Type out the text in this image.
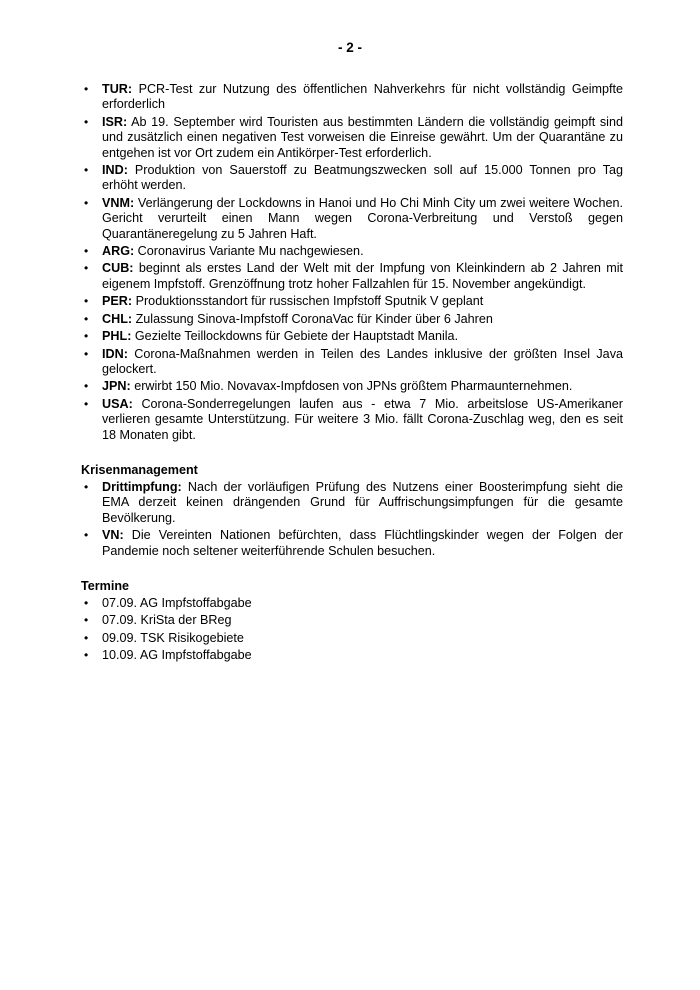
- 2 -
• TUR: PCR-Test zur Nutzung des öffentlichen Nahverkehrs für nicht vollständig Geimpfte erforderlich
• ISR: Ab 19. September wird Touristen aus bestimmten Ländern die vollständig geimpft sind und zusätzlich einen negativen Test vorweisen die Einreise gewährt. Um der Quarantäne zu entgehen ist vor Ort zudem ein Antikörper-Test erforderlich.
• IND: Produktion von Sauerstoff zu Beatmungszwecken soll auf 15.000 Tonnen pro Tag erhöht werden.
• VNM: Verlängerung der Lockdowns in Hanoi und Ho Chi Minh City um zwei weitere Wochen. Gericht verurteilt einen Mann wegen Corona-Verbreitung und Verstoß gegen Quarantäneregelung zu 5 Jahren Haft.
• ARG: Coronavirus Variante Mu nachgewiesen.
• CUB: beginnt als erstes Land der Welt mit der Impfung von Kleinkindern ab 2 Jahren mit eigenem Impfstoff. Grenzöffnung trotz hoher Fallzahlen für 15. November angekündigt.
• PER: Produktionsstandort für russischen Impfstoff Sputnik V geplant
• CHL: Zulassung Sinova-Impfstoff CoronaVac für Kinder über 6 Jahren
• PHL: Gezielte Teillockdowns für Gebiete der Hauptstadt Manila.
• IDN: Corona-Maßnahmen werden in Teilen des Landes inklusive der größten Insel Java gelockert.
• JPN: erwirbt 150 Mio. Novavax-Impfdosen von JPNs größtem Pharmaunternehmen.
• USA: Corona-Sonderregelungen laufen aus - etwa 7 Mio. arbeitslose US-Amerikaner verlieren gesamte Unterstützung. Für weitere 3 Mio. fällt Corona-Zuschlag weg, den es seit 18 Monaten gibt.
Krisenmanagement
• Drittimpfung: Nach der vorläufigen Prüfung des Nutzens einer Boosterimpfung sieht die EMA derzeit keinen drängenden Grund für Auffrischungsimpfungen für die gesamte Bevölkerung.
• VN: Die Vereinten Nationen befürchten, dass Flüchtlingskinder wegen der Folgen der Pandemie noch seltener weiterführende Schulen besuchen.
Termine
• 07.09. AG Impfstoffabgabe
• 07.09. KriSta der BReg
• 09.09. TSK Risikogebiete
• 10.09. AG Impfstoffabgabe
